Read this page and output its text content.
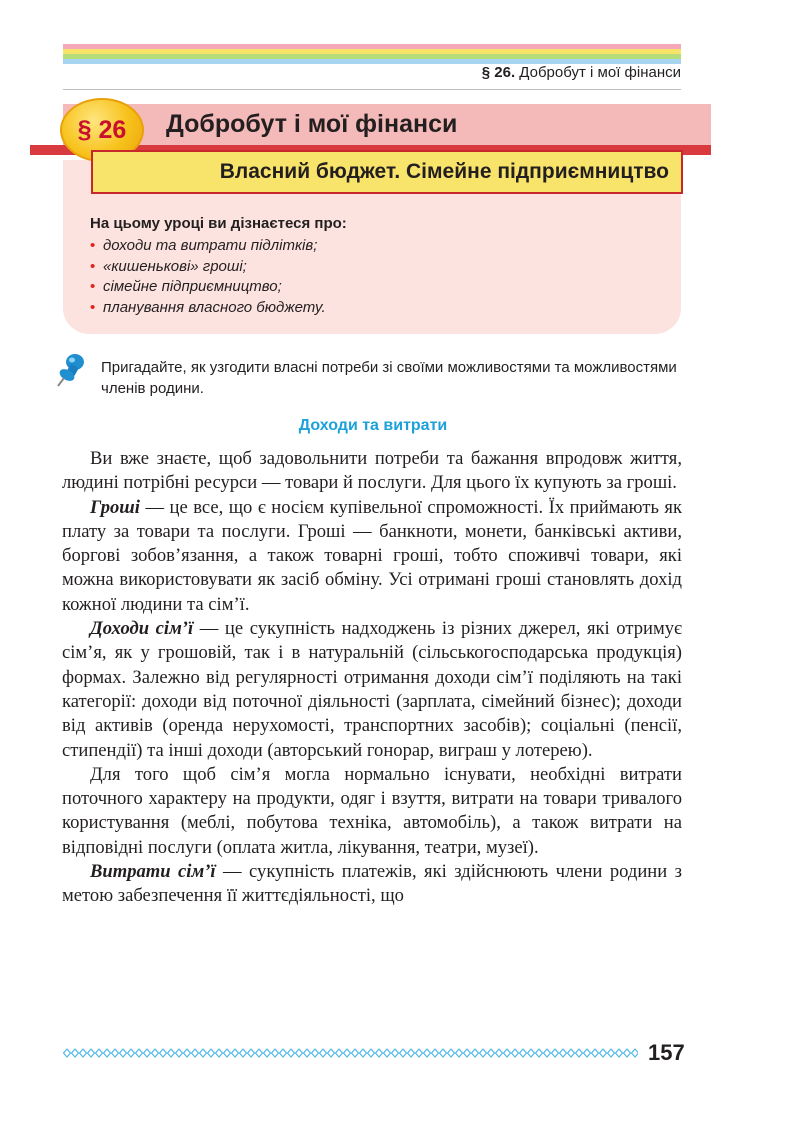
§ 26. Добробут і мої фінанси
§ 26	Добробут і мої фінанси
Власний бюджет. Сімейне підприємництво
На цьому уроці ви дізнаєтеся про:
• доходи та витрати підлітків;
• «кишенькові» гроші;
• сімейне підприємництво;
• планування власного бюджету.
Пригадайте, як узгодити власні потреби зі своїми можливостями та можливостями членів родини.
Доходи та витрати

Ви вже знаєте, щоб задовольнити потреби та бажання впродовж життя, людині потрібні ресурси — товари й послуги. Для цього їх купують за гроші.

Гроші — це все, що є носієм купівельної спроможності. Їх приймають як плату за товари та послуги. Гроші — банкноти, монети, банківські активи, боргові зобов’язання, а також товарні гроші, тобто споживчі товари, які можна використовувати як засіб обміну. Усі отримані гроші становлять дохід кожної людини та сім’ї.

Доходи сім’ї — це сукупність надходжень із різних джерел, які отримує сім’я, як у грошовій, так і в натуральній (сільськогосподарська продукція) формах. Залежно від регулярності отримання доходи сім’ї поділяють на такі категорії: доходи від поточної діяльності (зарплата, сімейний бізнес); доходи від активів (оренда нерухомості, транспортних засобів); соціальні (пенсії, стипендії) та інші доходи (авторський гонорар, виграш у лотерею).

Для того щоб сім’я могла нормально існувати, необхідні витрати поточного характеру на продукти, одяг і взуття, витрати на товари тривалого користування (меблі, побутова техніка, автомобіль), а також витрати на відповідні послуги (оплата житла, лікування, театри, музеї).

Витрати сім’ї — сукупність платежів, які здійснюють члени родини з метою забезпечення її життєдіяльності, що

157
